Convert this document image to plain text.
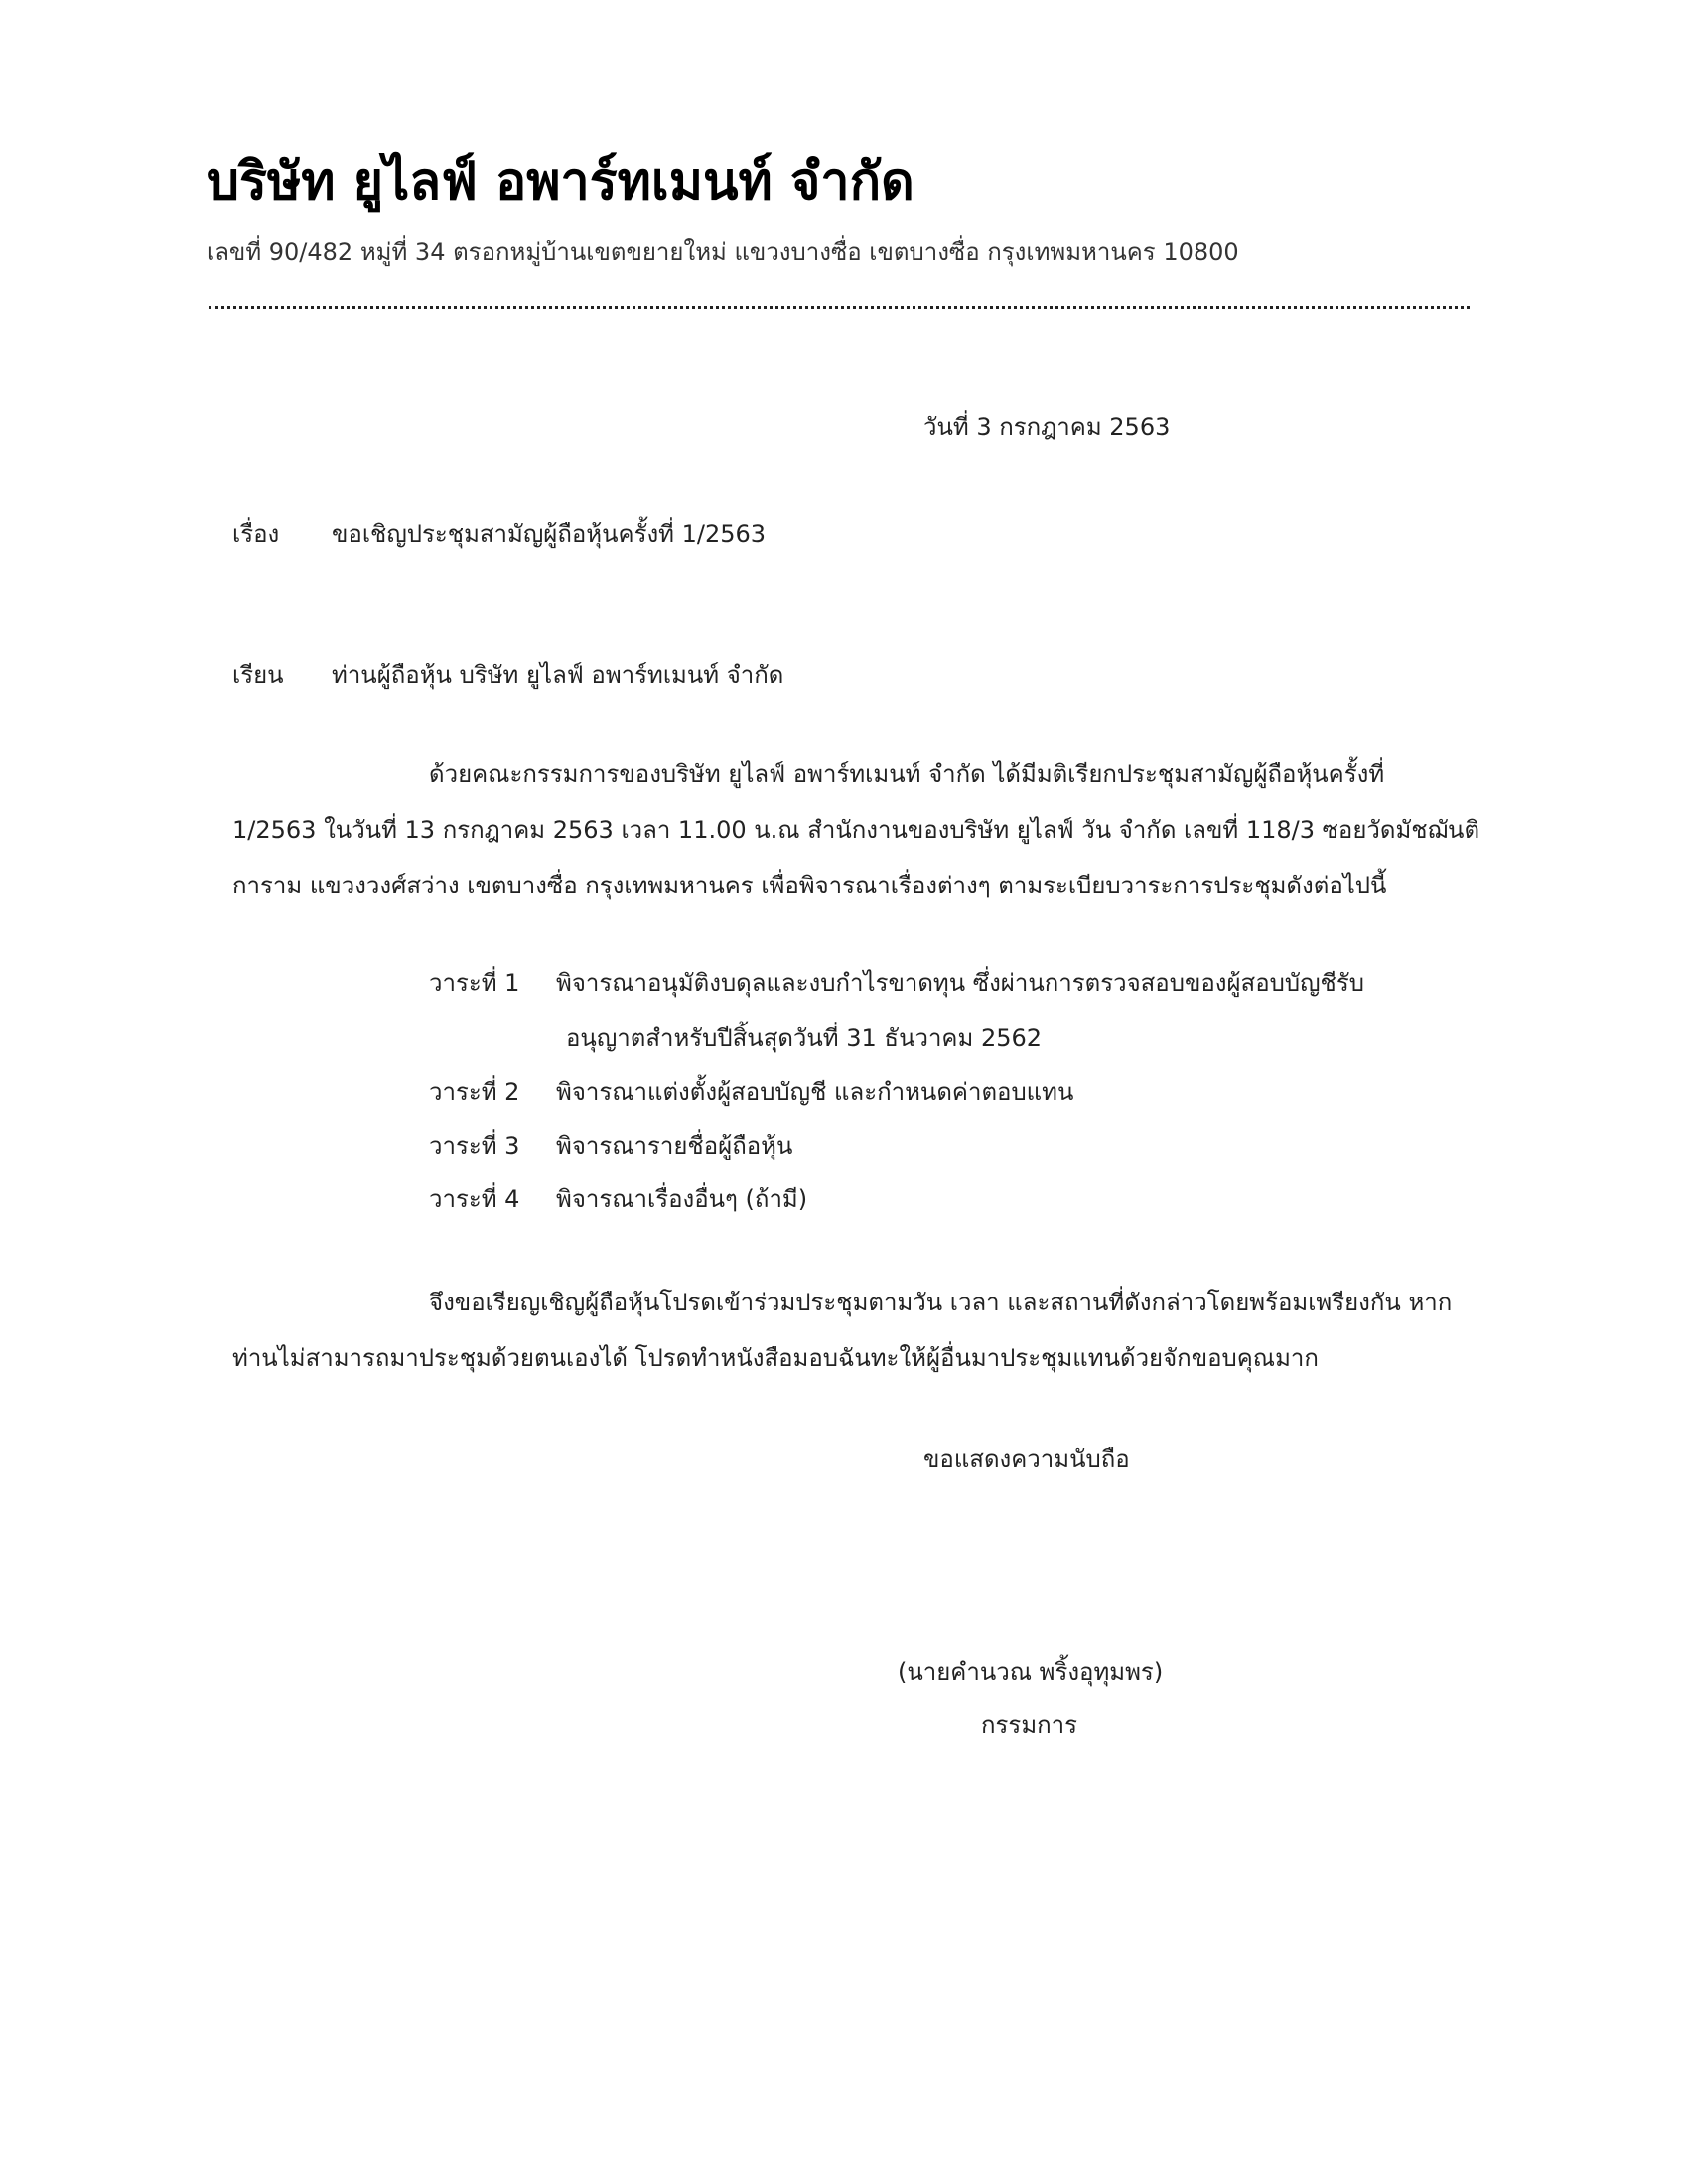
บริษัท ยูไลฟ์ อพาร์ทเมนท์ จำกัด
เลขที่ 90/482 หมู่ที่ 34 ตรอกหมู่บ้านเขตขยายใหม่ แขวงบางซื่อ เขตบางซื่อ กรุงเทพมหานคร 10800
วันที่ 3 กรกฎาคม 2563
เรื่อง ขอเชิญประชุมสามัญผู้ถือหุ้นครั้งที่ 1/2563
เรียน ท่านผู้ถือหุ้น บริษัท ยูไลฟ์ อพาร์ทเมนท์ จำกัด
ด้วยคณะกรรมการของบริษัท ยูไลฟ์ อพาร์ทเมนท์ จำกัด ได้มีมติเรียกประชุมสามัญผู้ถือหุ้นครั้งที่
1/2563 ในวันที่ 13 กรกฎาคม 2563 เวลา 11.00 น.ณ สำนักงานของบริษัท ยูไลฟ์ วัน จำกัด เลขที่ 118/3 ซอยวัดมัชฌันติ
การาม แขวงวงศ์สว่าง เขตบางซื่อ กรุงเทพมหานคร เพื่อพิจารณาเรื่องต่างๆ ตามระเบียบวาระการประชุมดังต่อไปนี้
วาระที่ 1 พิจารณาอนุมัติงบดุลและงบกำไรขาดทุน ซึ่งผ่านการตรวจสอบของผู้สอบบัญชีรับ
อนุญาตสำหรับปีสิ้นสุดวันที่ 31 ธันวาคม 2562
วาระที่ 2 พิจารณาแต่งตั้งผู้สอบบัญชี และกำหนดค่าตอบแทน
วาระที่ 3 พิจารณารายชื่อผู้ถือหุ้น
วาระที่ 4 พิจารณาเรื่องอื่นๆ (ถ้ามี)
จึงขอเรียญเชิญผู้ถือหุ้นโปรดเข้าร่วมประชุมตามวัน เวลา และสถานที่ดังกล่าวโดยพร้อมเพรียงกัน หาก
ท่านไม่สามารถมาประชุมด้วยตนเองได้ โปรดทำหนังสือมอบฉันทะให้ผู้อื่นมาประชุมแทนด้วยจักขอบคุณมาก
ขอแสดงความนับถือ
(นายคำนวณ พริ้งอุทุมพร)
กรรมการ
